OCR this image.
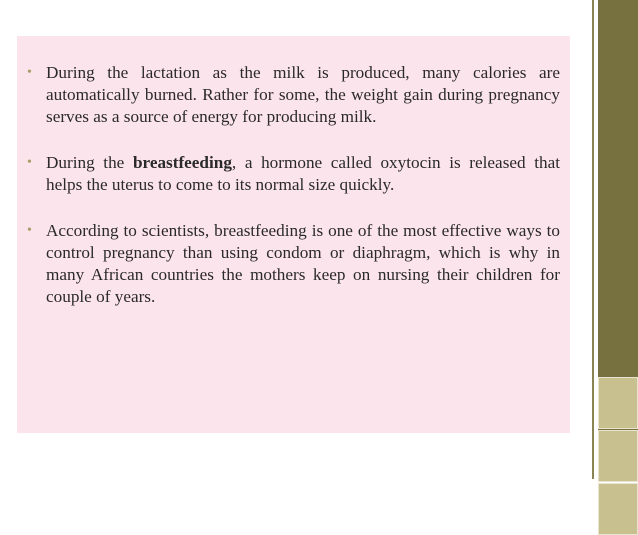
• During the lactation as the milk is produced, many calories are automatically burned. Rather for some, the weight gain during pregnancy serves as a source of energy for producing milk.
• During the breastfeeding, a hormone called oxytocin is released that helps the uterus to come to its normal size quickly.
• According to scientists, breastfeeding is one of the most effective ways to control pregnancy than using condom or diaphragm, which is why in many African countries the mothers keep on nursing their children for couple of years.
